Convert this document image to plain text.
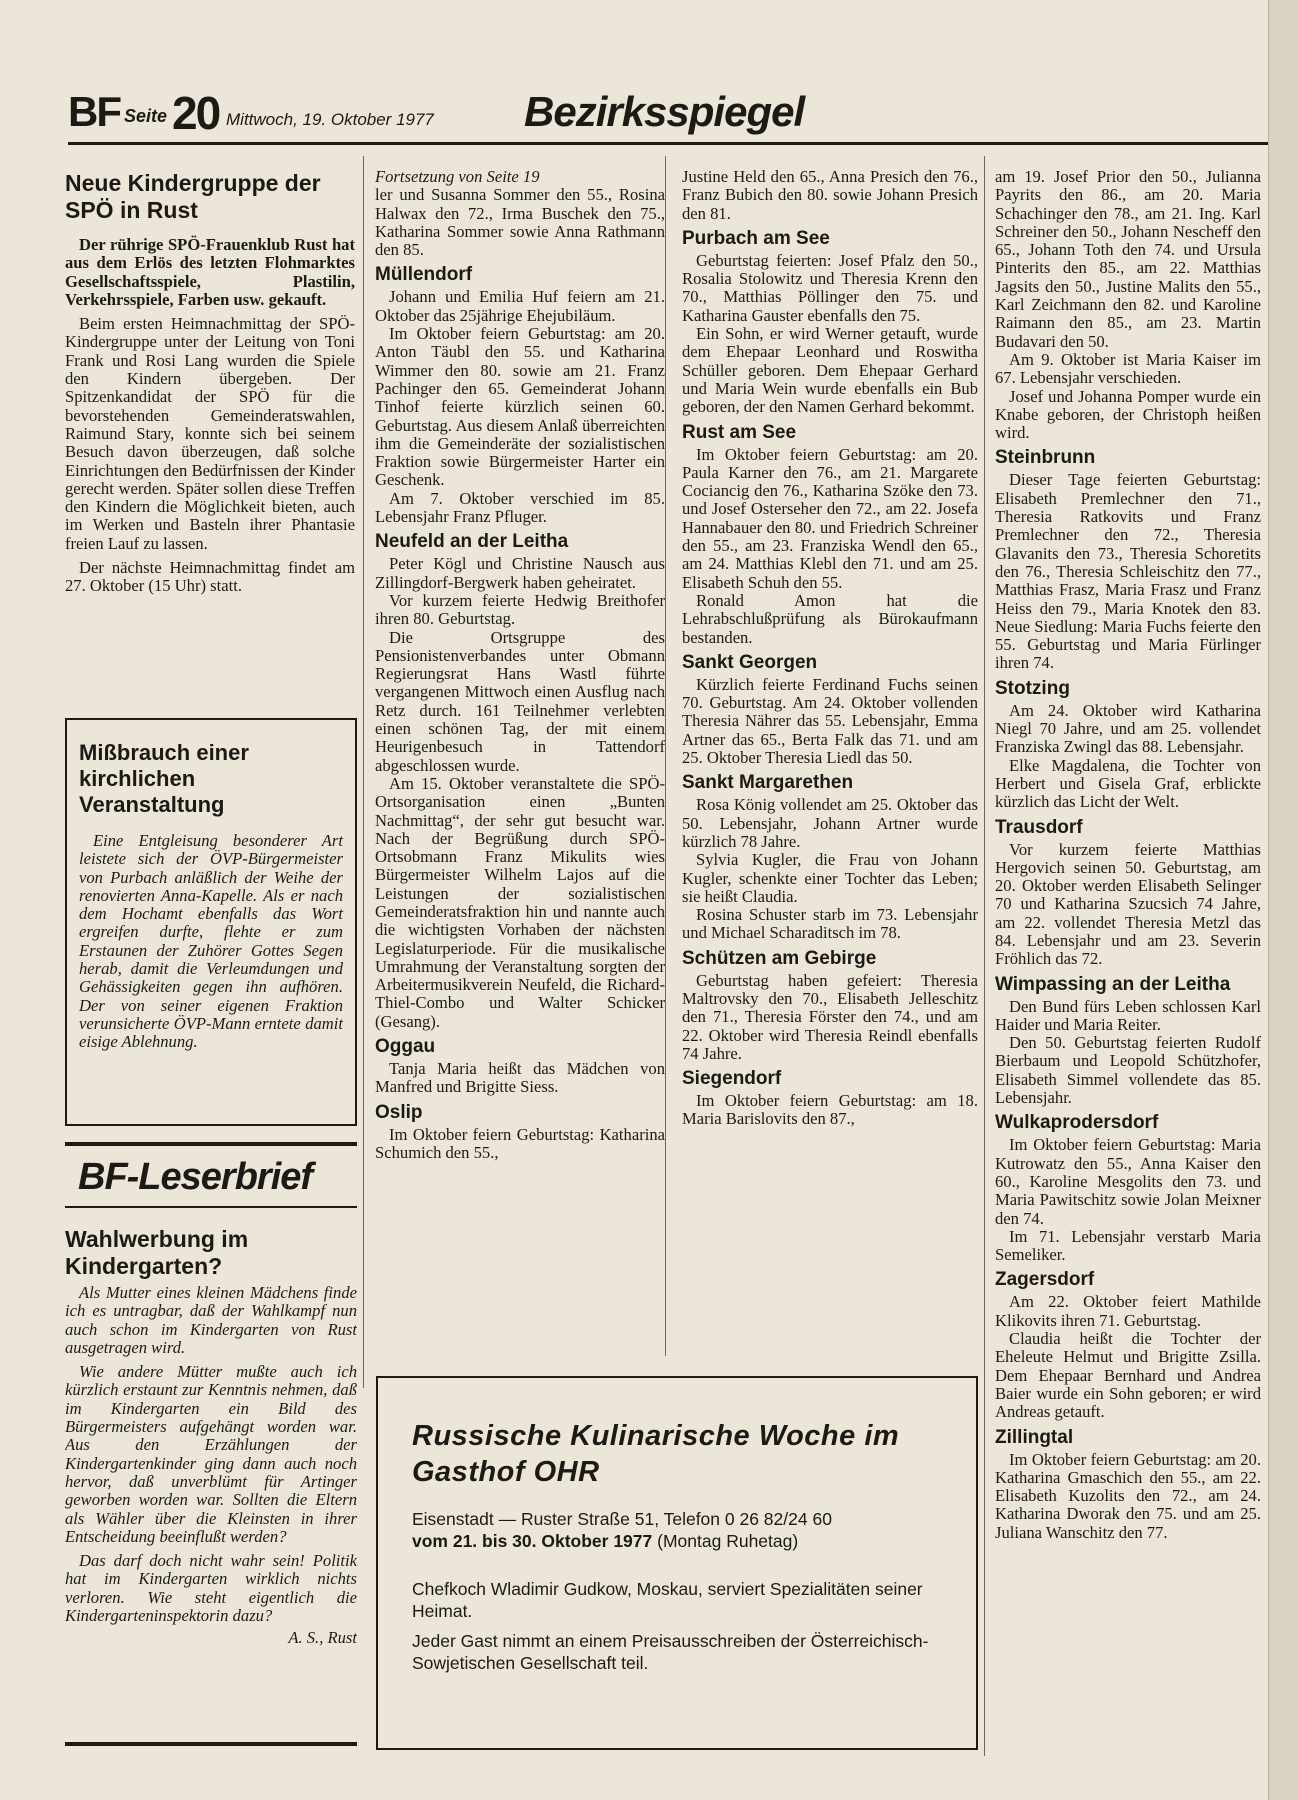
BF Seite 20 Mittwoch, 19. Oktober 1977 Bezirksspiegel
Neue Kindergruppe der SPÖ in Rust

Der rührige SPÖ-Frauenklub Rust hat aus dem Erlös des letzten Flohmarktes Gesellschaftsspiele, Plastilin, Verkehrsspiele, Farben usw. gekauft.

Beim ersten Heimnachmittag der SPÖ-Kindergruppe unter der Leitung von Toni Frank und Rosi Lang wurden die Spiele den Kindern übergeben. Der Spitzenkandidat der SPÖ für die bevorstehenden Gemeinderatswahlen, Raimund Stary, konnte sich bei seinem Besuch davon überzeugen, daß solche Einrichtungen den Bedürfnissen der Kinder gerecht werden. Später sollen diese Treffen den Kindern die Möglichkeit bieten, auch im Werken und Basteln ihrer Phantasie freien Lauf zu lassen.

Der nächste Heimnachmittag findet am 27. Oktober (15 Uhr) statt.

Mißbrauch einer kirchlichen Veranstaltung

Eine Entgleisung besonderer Art leistete sich der ÖVP-Bürgermeister von Purbach anläßlich der Weihe der renovierten Anna-Kapelle. Als er nach dem Hochamt ebenfalls das Wort ergreifen durfte, flehte er zum Erstaunen der Zuhörer Gottes Segen herab, damit die Verleumdungen und Gehässigkeiten gegen ihn aufhören. Der von seiner eigenen Fraktion verunsicherte ÖVP-Mann erntete damit eisige Ablehnung.

BF-Leserbrief
Wahlwerbung im Kindergarten?

Als Mutter eines kleinen Mädchens finde ich es untragbar, daß der Wahlkampf nun auch schon im Kindergarten von Rust ausgetragen wird.

Wie andere Mütter mußte auch ich kürzlich erstaunt zur Kenntnis nehmen, daß im Kindergarten ein Bild des Bürgermeisters aufgehängt worden war. Aus den Erzählungen der Kindergartenkinder ging dann auch noch hervor, daß unverblümt für Artinger geworben worden war. Sollten die Eltern als Wähler über die Kleinsten in ihrer Entscheidung beeinflußt werden?

Das darf doch nicht wahr sein! Politik hat im Kindergarten wirklich nichts verloren. Wie steht eigentlich die Kindergarteninspektorin dazu?

A. S., Rust

Fortsetzung von Seite 19

ler und Susanna Sommer den 55., Rosina Halwax den 72., Irma Buschek den 75., Katharina Sommer sowie Anna Rathmann den 85.

Müllendorf

Johann und Emilia Huf feiern am 21. Oktober das 25jährige Ehejubiläum.

Im Oktober feiern Geburtstag: am 20. Anton Täubl den 55. und Katharina Wimmer den 80. sowie am 21. Franz Pachinger den 65. Gemeinderat Johann Tinhof feierte kürzlich seinen 60. Geburtstag. Aus diesem Anlaß überreichten ihm die Gemeinderäte der sozialistischen Fraktion sowie Bürgermeister Harter ein Geschenk.

Am 7. Oktober verschied im 85. Lebensjahr Franz Pfluger.

Neufeld an der Leitha

Peter Kögl und Christine Nausch aus Zillingdorf-Bergwerk haben geheiratet.

Vor kurzem feierte Hedwig Breithofer ihren 80. Geburtstag.

Die Ortsgruppe des Pensionistenverbandes unter Obmann Regierungsrat Hans Wastl führte vergangenen Mittwoch einen Ausflug nach Retz durch. 161 Teilnehmer verlebten einen schönen Tag, der mit einem Heurigenbesuch in Tattendorf abgeschlossen wurde.

Am 15. Oktober veranstaltete die SPÖ-Ortsorganisation einen „Bunten Nachmittag“, der sehr gut besucht war. Nach der Begrüßung durch SPÖ-Ortsobmann Franz Mikulits wies Bürgermeister Wilhelm Lajos auf die Leistungen der sozialistischen Gemeinderatsfraktion hin und nannte auch die wichtigsten Vorhaben der nächsten Legislaturperiode. Für die musikalische Umrahmung der Veranstaltung sorgten der Arbeitermusikverein Neufeld, die Richard-Thiel-Combo und Walter Schicker (Gesang).

Oggau

Tanja Maria heißt das Mädchen von Manfred und Brigitte Siess.

Oslip

Im Oktober feiern Geburtstag: Katharina Schumich den 55.,

Justine Held den 65., Anna Presich den 76., Franz Bubich den 80. sowie Johann Presich den 81.

Purbach am See

Geburtstag feierten: Josef Pfalz den 50., Rosalia Stolowitz und Theresia Krenn den 70., Matthias Pöllinger den 75. und Katharina Gauster ebenfalls den 75.

Ein Sohn, er wird Werner getauft, wurde dem Ehepaar Leonhard und Roswitha Schüller geboren. Dem Ehepaar Gerhard und Maria Wein wurde ebenfalls ein Bub geboren, der den Namen Gerhard bekommt.

Rust am See

Im Oktober feiern Geburtstag: am 20. Paula Karner den 76., am 21. Margarete Cociancig den 76., Katharina Szöke den 73. und Josef Osterseher den 72., am 22. Josefa Hannabauer den 80. und Friedrich Schreiner den 55., am 23. Franziska Wendl den 65., am 24. Matthias Klebl den 71. und am 25. Elisabeth Schuh den 55.

Ronald Amon hat die Lehrabschlußprüfung als Bürokaufmann bestanden.

Sankt Georgen

Kürzlich feierte Ferdinand Fuchs seinen 70. Geburtstag. Am 24. Oktober vollenden Theresia Nährer das 55. Lebensjahr, Emma Artner das 65., Berta Falk das 71. und am 25. Oktober Theresia Liedl das 50.

Sankt Margarethen

Rosa König vollendet am 25. Oktober das 50. Lebensjahr, Johann Artner wurde kürzlich 78 Jahre.

Sylvia Kugler, die Frau von Johann Kugler, schenkte einer Tochter das Leben; sie heißt Claudia.

Rosina Schuster starb im 73. Lebensjahr und Michael Scharaditsch im 78.

Schützen am Gebirge

Geburtstag haben gefeiert: Theresia Maltrovsky den 70., Elisabeth Jelleschitz den 71., Theresia Förster den 74., und am 22. Oktober wird Theresia Reindl ebenfalls 74 Jahre.

Siegendorf

Im Oktober feiern Geburtstag: am 18. Maria Barislovits den 87.,

Russische Kulinarische Woche im
Gasthof OHR
Eisenstadt — Ruster Straße 51, Telefon 0 26 82/24 60
vom 21. bis 30. Oktober 1977 (Montag Ruhetag)
Chefkoch Wladimir Gudkow, Moskau, serviert Spezialitäten seiner Heimat.
Jeder Gast nimmt an einem Preisausschreiben der Österreichisch-Sowjetischen Gesellschaft teil.

am 19. Josef Prior den 50., Julianna Payrits den 86., am 20. Maria Schachinger den 78., am 21. Ing. Karl Schreiner den 50., Johann Nescheff den 65., Johann Toth den 74. und Ursula Pinterits den 85., am 22. Matthias Jagsits den 50., Justine Malits den 55., Karl Zeichmann den 82. und Karoline Raimann den 85., am 23. Martin Budavari den 50.

Am 9. Oktober ist Maria Kaiser im 67. Lebensjahr verschieden.

Josef und Johanna Pomper wurde ein Knabe geboren, der Christoph heißen wird.

Steinbrunn

Dieser Tage feierten Geburtstag: Elisabeth Premlechner den 71., Theresia Ratkovits und Franz Premlechner den 72., Theresia Glavanits den 73., Theresia Schoretits den 76., Theresia Schleischitz den 77., Matthias Frasz, Maria Frasz und Franz Heiss den 79., Maria Knotek den 83. Neue Siedlung: Maria Fuchs feierte den 55. Geburtstag und Maria Fürlinger ihren 74.

Stotzing

Am 24. Oktober wird Katharina Niegl 70 Jahre, und am 25. vollendet Franziska Zwingl das 88. Lebensjahr.

Elke Magdalena, die Tochter von Herbert und Gisela Graf, erblickte kürzlich das Licht der Welt.

Trausdorf

Vor kurzem feierte Matthias Hergovich seinen 50. Geburtstag, am 20. Oktober werden Elisabeth Selinger 70 und Katharina Szucsich 74 Jahre, am 22. vollendet Theresia Metzl das 84. Lebensjahr und am 23. Severin Fröhlich das 72.

Wimpassing an der Leitha

Den Bund fürs Leben schlossen Karl Haider und Maria Reiter.

Den 50. Geburtstag feierten Rudolf Bierbaum und Leopold Schützhofer, Elisabeth Simmel vollendete das 85. Lebensjahr.

Wulkaprodersdorf

Im Oktober feiern Geburtstag: Maria Kutrowatz den 55., Anna Kaiser den 60., Karoline Mesgolits den 73. und Maria Pawitschitz sowie Jolan Meixner den 74.

Im 71. Lebensjahr verstarb Maria Semeliker.

Zagersdorf

Am 22. Oktober feiert Mathilde Klikovits ihren 71. Geburtstag.

Claudia heißt die Tochter der Eheleute Helmut und Brigitte Zsilla. Dem Ehepaar Bernhard und Andrea Baier wurde ein Sohn geboren; er wird Andreas getauft.

Zillingtal

Im Oktober feiern Geburtstag: am 20. Katharina Gmaschich den 55., am 22. Elisabeth Kuzolits den 72., am 24. Katharina Dworak den 75. und am 25. Juliana Wanschitz den 77.
